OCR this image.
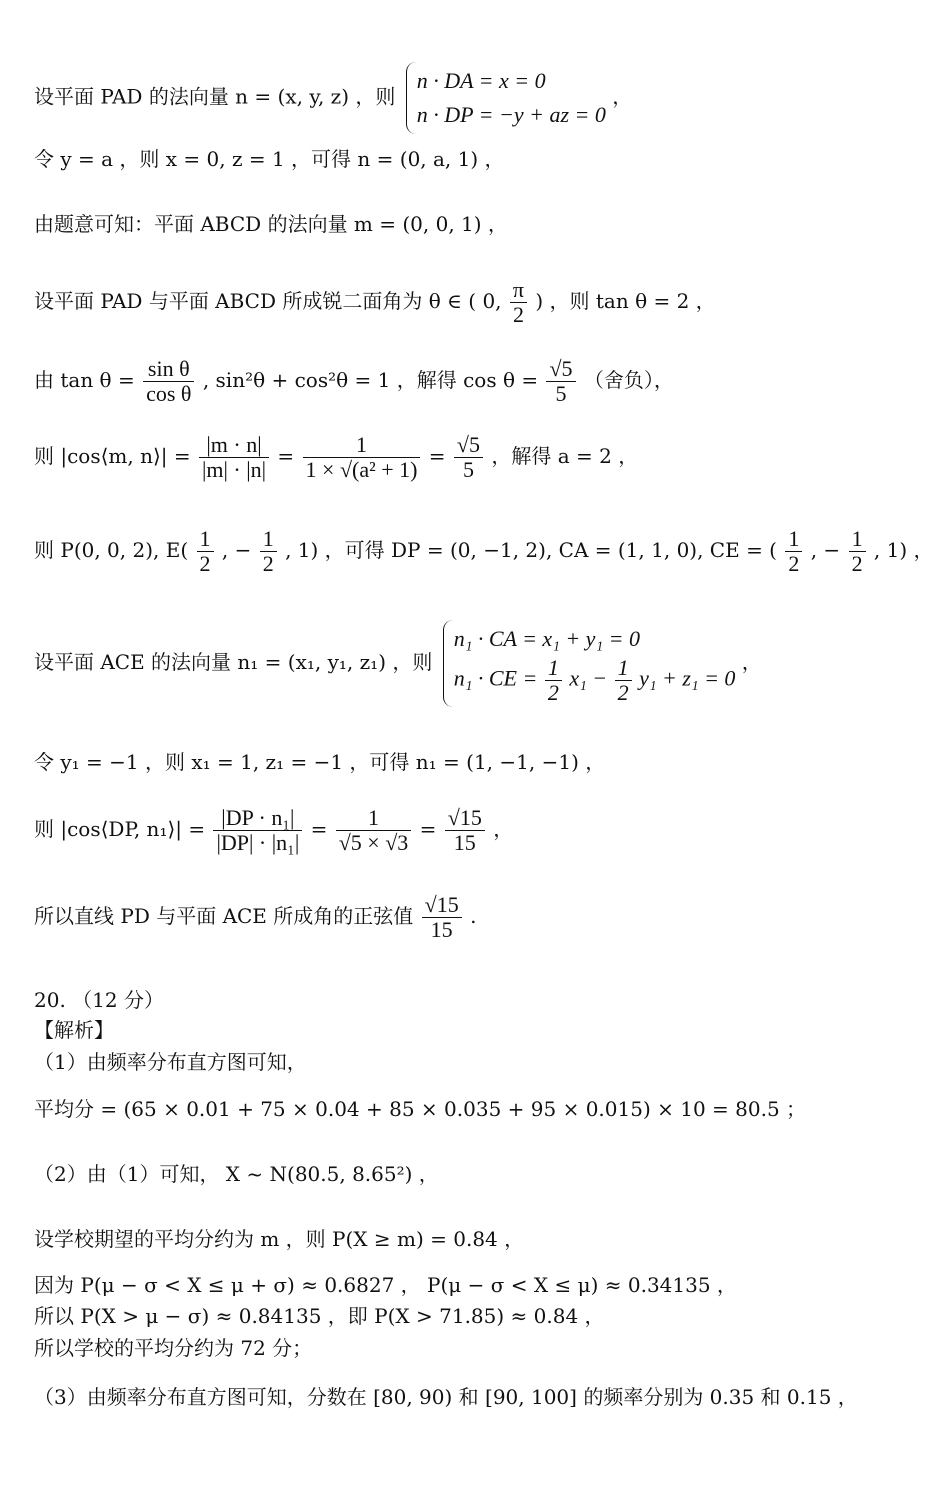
设平面 PAD 的法向量 n = (x, y, z) ，则
n · DA = x = 0
n · DP = −y + az = 0
，
令 y = a ，则 x = 0, z = 1 ，可得 n = (0, a, 1) ，
由题意可知：平面 ABCD 的法向量 m = (0, 0, 1) ，
设平面 PAD 与平面 ABCD 所成锐二面角为 θ ∈ ( 0, $\frac{\pi}{2}$ ) ，则 tan θ = 2 ，
由 $\tan \theta = \frac{\text{sin θ}}{\text{cos θ}}$ , sin²θ + cos²θ = 1 ，解得 $\cos \theta = \frac{√5}{5}$ （舍负），
则 |cos⟨m, n⟩| = $\frac{|m \cdot n|}{|m| \cdot |n|} = \frac{1}{\text{1 × √(a² + 1)}} = \frac{√5}{5}$ ，解得 a = 2 ，
则 P(0, 0, 2), $E( \frac{1}{2}$ , − $\frac{1}{2}$ , 1) ，可得 DP = (0, −1, 2), CA = (1, 1, 0), CE = ( $\frac{1}{2}$ , − $\frac{1}{2}$ , 1) ，
设平面 ACE 的法向量 n₁ = (x₁, y₁, z₁) ，则
n₁ · CA = x₁ + y₁ = 0
n₁ · CE = $\frac{1}{2} x_1 - \frac{1}{2} y_1 + z_1 = 0$
，
令 y₁ = −1 ，则 x₁ = 1, z₁ = −1 ，可得 n₁ = (1, −1, −1) ，
则 |cos⟨DP, n₁⟩| = $\frac{\text{|DP · n₁|}}{\text{|DP| · |n₁|}} = \frac{1}{√5 \times √3} = \frac{√15}{15}$ ，
所以直线 PD 与平面 ACE 所成角的正弦值 $\frac{√15}{15}$ .
20. （12 分）
【解析】
（1）由频率分布直方图可知，
平均分 = (65 × 0.01 + 75 × 0.04 + 85 × 0.035 + 95 × 0.015) × 10 = 80.5 ；
（2）由（1）可知， X ~ N(80.5, 8.65²) ，
设学校期望的平均分约为 m ，则 P(X ≥ m) = 0.84 ，
因为 P(μ − σ < X ≤ μ + σ) ≈ 0.6827 ， P(μ − σ < X ≤ μ) ≈ 0.34135 ，
所以 P(X > μ − σ) ≈ 0.84135 ，即 P(X > 71.85) ≈ 0.84 ，
所以学校的平均分约为 72 分；
（3）由频率分布直方图可知，分数在 [80, 90) 和 [90, 100] 的频率分别为 0.35 和 0.15 ，
